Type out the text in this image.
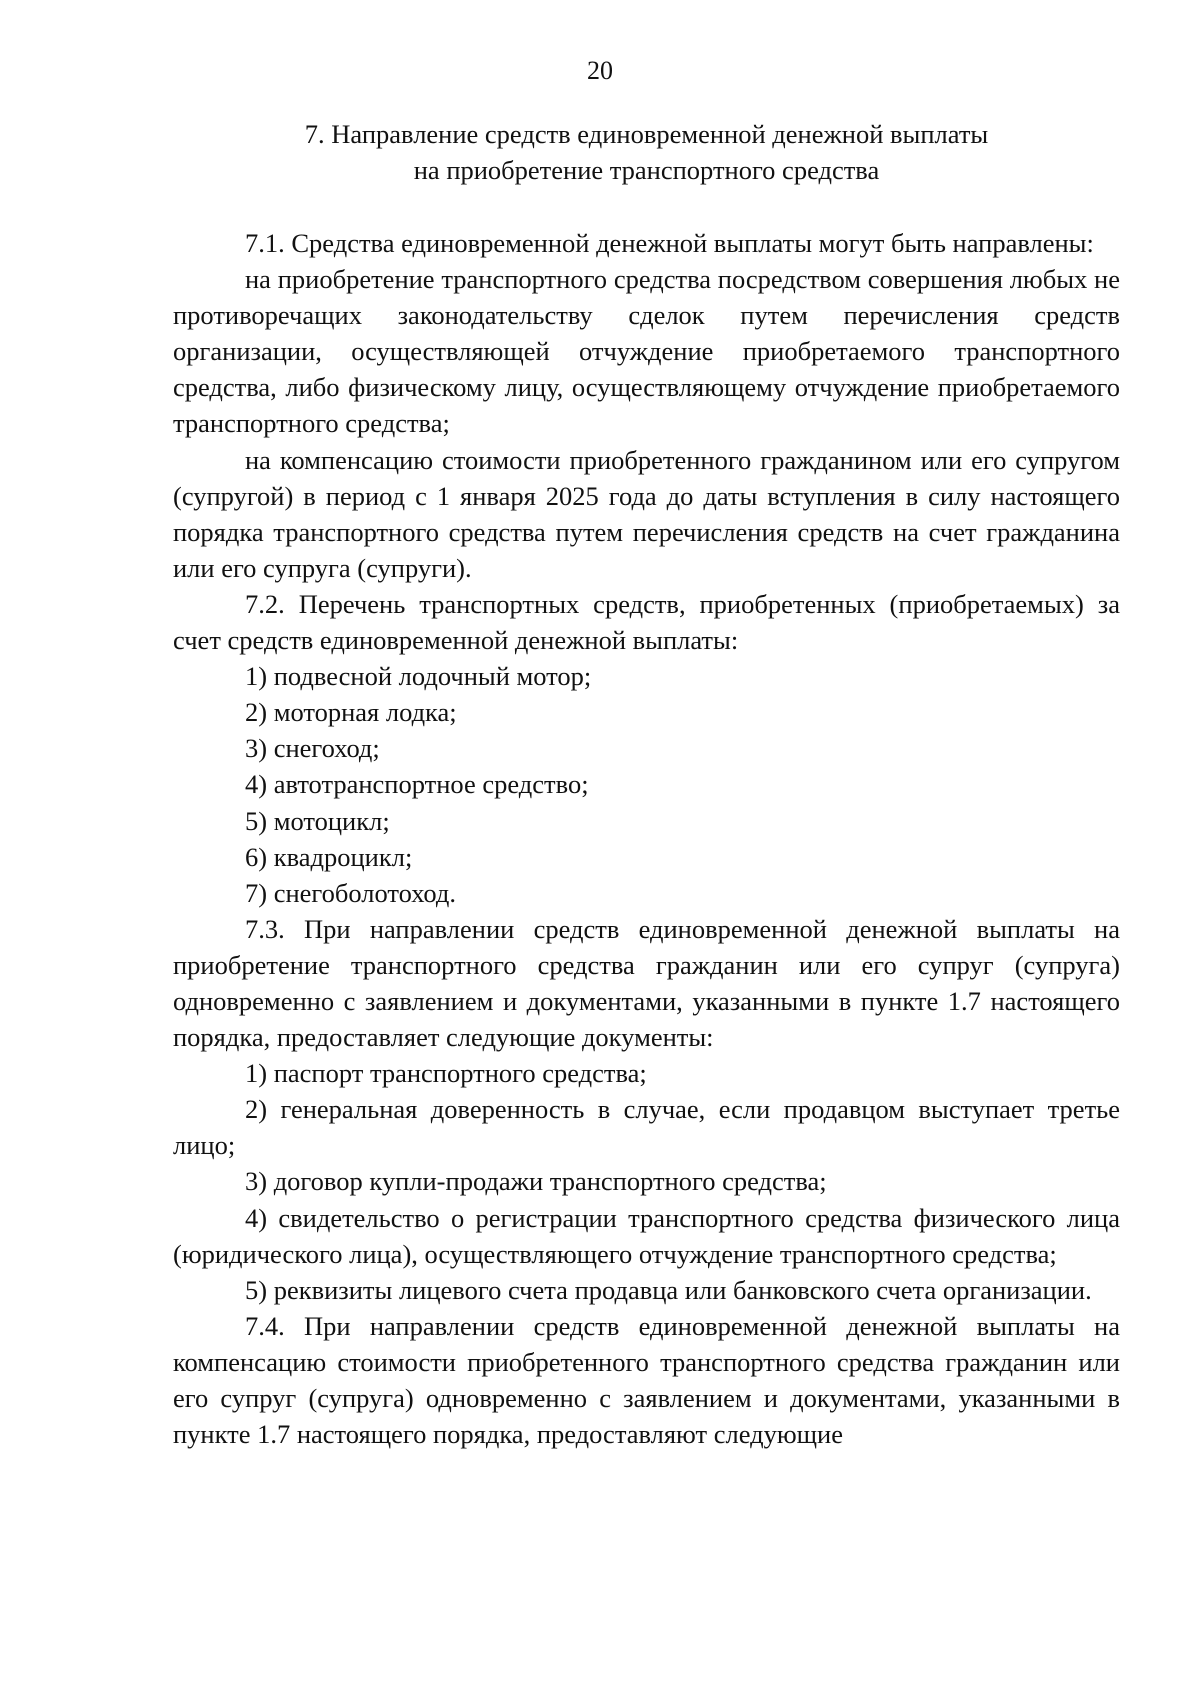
20
7. Направление средств единовременной денежной выплаты
на приобретение транспортного средства

7.1. Средства единовременной денежной выплаты могут быть направлены:

на приобретение транспортного средства посредством совершения любых не противоречащих законодательству сделок путем перечисления средств организации, осуществляющей отчуждение приобретаемого транспортного средства, либо физическому лицу, осуществляющему отчуждение приобретаемого транспортного средства;

на компенсацию стоимости приобретенного гражданином или его супругом (супругой) в период с 1 января 2025 года до даты вступления в силу настоящего порядка транспортного средства путем перечисления средств на счет гражданина или его супруга (супруги).

7.2. Перечень транспортных средств, приобретенных (приобретаемых) за счет средств единовременной денежной выплаты:

1) подвесной лодочный мотор;

2) моторная лодка;

3) снегоход;

4) автотранспортное средство;

5) мотоцикл;

6) квадроцикл;

7) снегоболотоход.

7.3. При направлении средств единовременной денежной выплаты на приобретение транспортного средства гражданин или его супруг (супруга) одновременно с заявлением и документами, указанными в пункте 1.7 настоящего порядка, предоставляет следующие документы:

1) паспорт транспортного средства;

2) генеральная доверенность в случае, если продавцом выступает третье лицо;

3) договор купли-продажи транспортного средства;

4) свидетельство о регистрации транспортного средства физического лица (юридического лица), осуществляющего отчуждение транспортного средства;

5) реквизиты лицевого счета продавца или банковского счета организации.

7.4. При направлении средств единовременной денежной выплаты на компенсацию стоимости приобретенного транспортного средства гражданин или его супруг (супруга) одновременно с заявлением и документами, указанными в пункте 1.7 настоящего порядка, предоставляют следующие
